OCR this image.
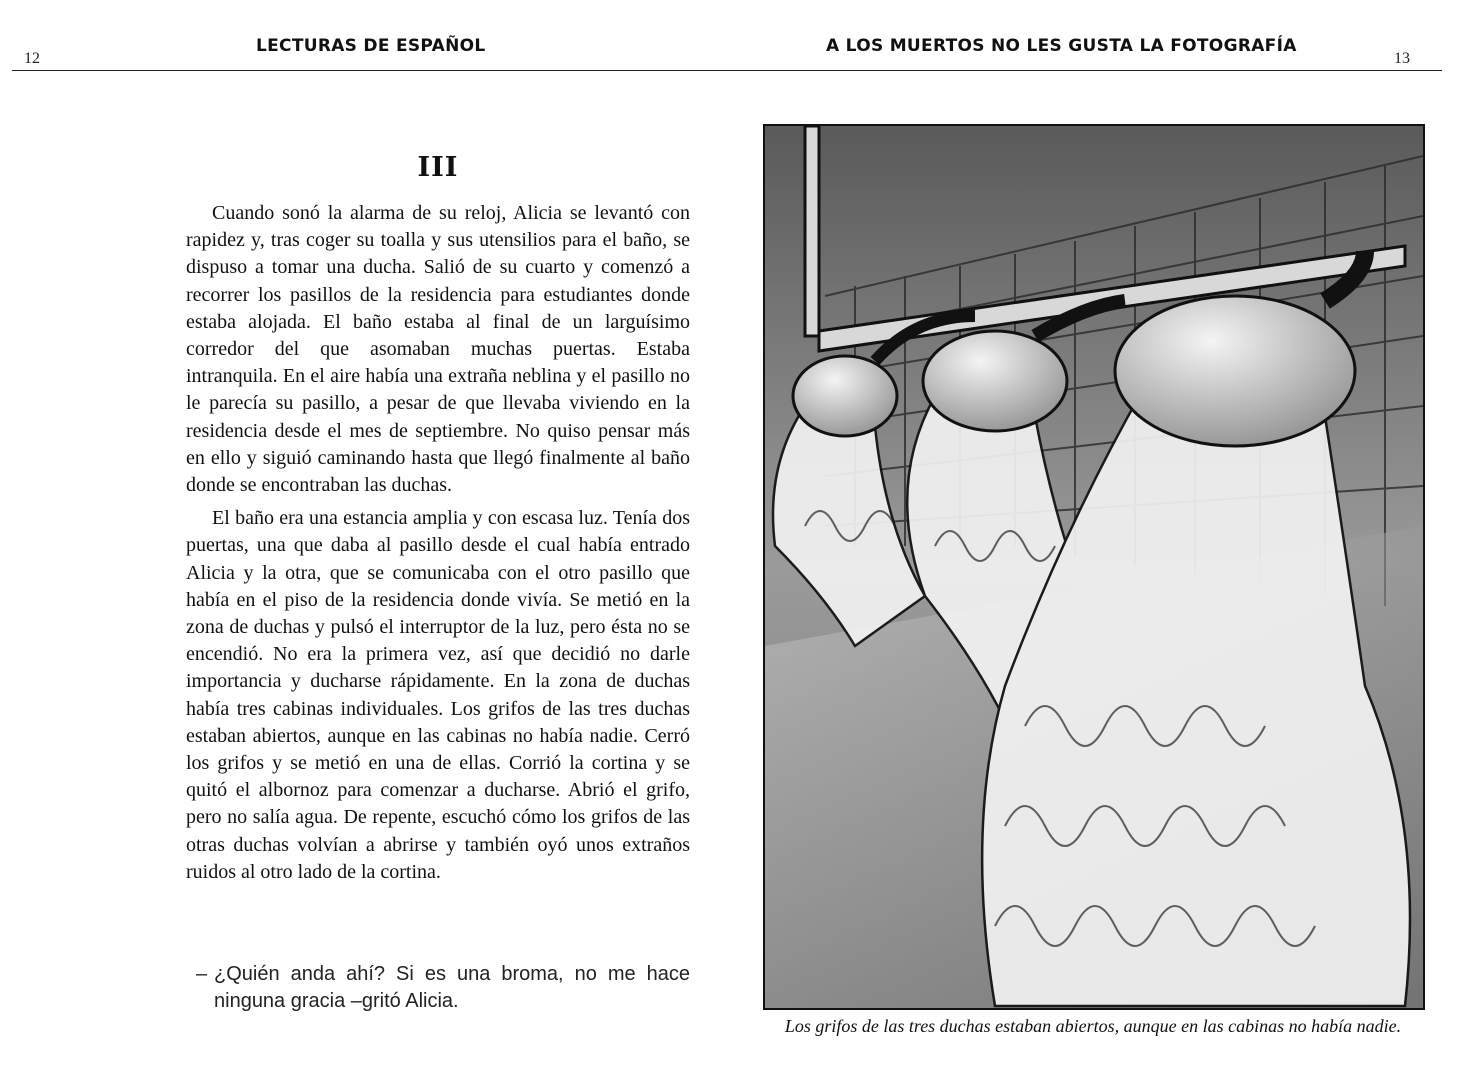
12
LECTURAS DE ESPAÑOL
III

Cuando sonó la alarma de su reloj, Alicia se levantó con rapidez y, tras coger su toalla y sus utensilios para el baño, se dispuso a tomar una ducha. Salió de su cuarto y comenzó a recorrer los pasillos de la residencia para estudiantes donde estaba alojada. El baño estaba al final de un larguísimo corredor del que asomaban muchas puertas. Estaba intranquila. En el aire había una extraña neblina y el pasillo no le parecía su pasillo, a pesar de que llevaba viviendo en la residencia desde el mes de septiembre. No quiso pensar más en ello y siguió caminando hasta que llegó finalmente al baño donde se encontraban las duchas.

El baño era una estancia amplia y con escasa luz. Tenía dos puertas, una que daba al pasillo desde el cual había entrado Alicia y la otra, que se comunicaba con el otro pasillo que había en el piso de la residencia donde vivía. Se metió en la zona de duchas y pulsó el interruptor de la luz, pero ésta no se encendió. No era la primera vez, así que decidió no darle importancia y ducharse rápidamente. En la zona de duchas había tres cabinas individuales. Los grifos de las tres duchas estaban abiertos, aunque en las cabinas no había nadie. Cerró los grifos y se metió en una de ellas. Corrió la cortina y se quitó el albornoz para comenzar a ducharse. Abrió el grifo, pero no salía agua. De repente, escuchó cómo los grifos de las otras duchas volvían a abrirse y también oyó unos extraños ruidos al otro lado de la cortina.

– ¿Quién anda ahí? Si es una broma, no me hace ninguna gracia –gritó Alicia.
A LOS MUERTOS NO LES GUSTA LA FOTOGRAFÍA
13
Los grifos de las tres duchas estaban abiertos, aunque en las cabinas no había nadie.
